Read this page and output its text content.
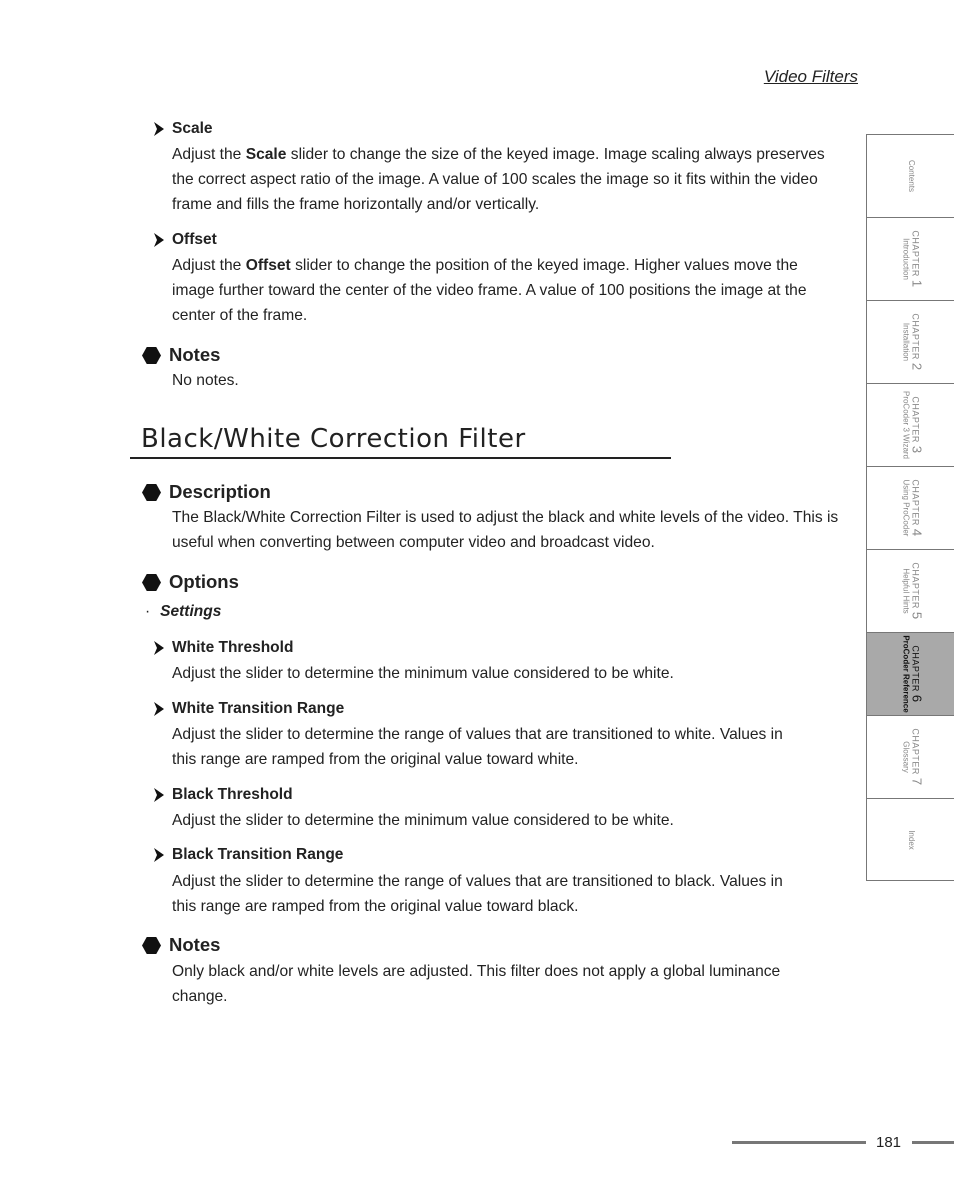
Video Filters
Scale
Adjust the Scale slider to change the size of the keyed image. Image scaling always preserves the correct aspect ratio of the image. A value of 100 scales the image so it fits within the video frame and fills the frame horizontally and/or vertically.
Offset
Adjust the Offset slider to change the position of the keyed image. Higher values move the image further toward the center of the video frame. A value of 100 positions the image at the center of the frame.
Notes
No notes.
Black/White Correction Filter
Description
The Black/White Correction Filter is used to adjust the black and white levels of the video. This is useful when converting between computer video and broadcast video.
Options
· Settings
White Threshold
Adjust the slider to determine the minimum value considered to be white.
White Transition Range
Adjust the slider to determine the range of values that are transitioned to white. Values in this range are ramped from the original value toward white.
Black Threshold
Adjust the slider to determine the minimum value considered to be white.
Black Transition Range
Adjust the slider to determine the range of values that are transitioned to black. Values in this range are ramped from the original value toward black.
Notes
Only black and/or white levels are adjusted. This filter does not apply a global luminance change.
Contents
CHAPTER 1
Introduction
CHAPTER 2
Installation
CHAPTER 3
ProCoder 3 Wizard
CHAPTER 4
Using ProCoder
CHAPTER 5
Helpful Hints
CHAPTER 6
ProCoder Reference
CHAPTER 7
Glossary
Index
181
